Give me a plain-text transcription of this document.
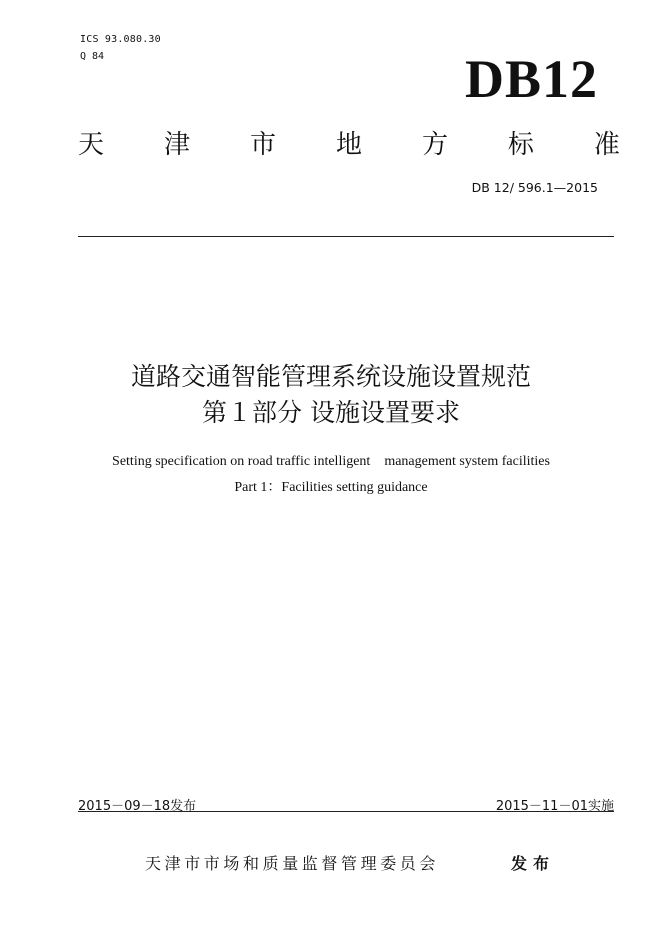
ICS 93.080.30
Q 84	DB12
天 津 市 地 方 标 准
DB 12/ 596.1—2015
道路交通智能管理系统设施设置规范
第１部分 设施设置要求
Setting specification on road traffic intelligent    management system facilities
Part 1：Facilities setting guidance
2015－09－18发布	2015－11－01实施
天津市市场和质量监督管理委员会	发布
